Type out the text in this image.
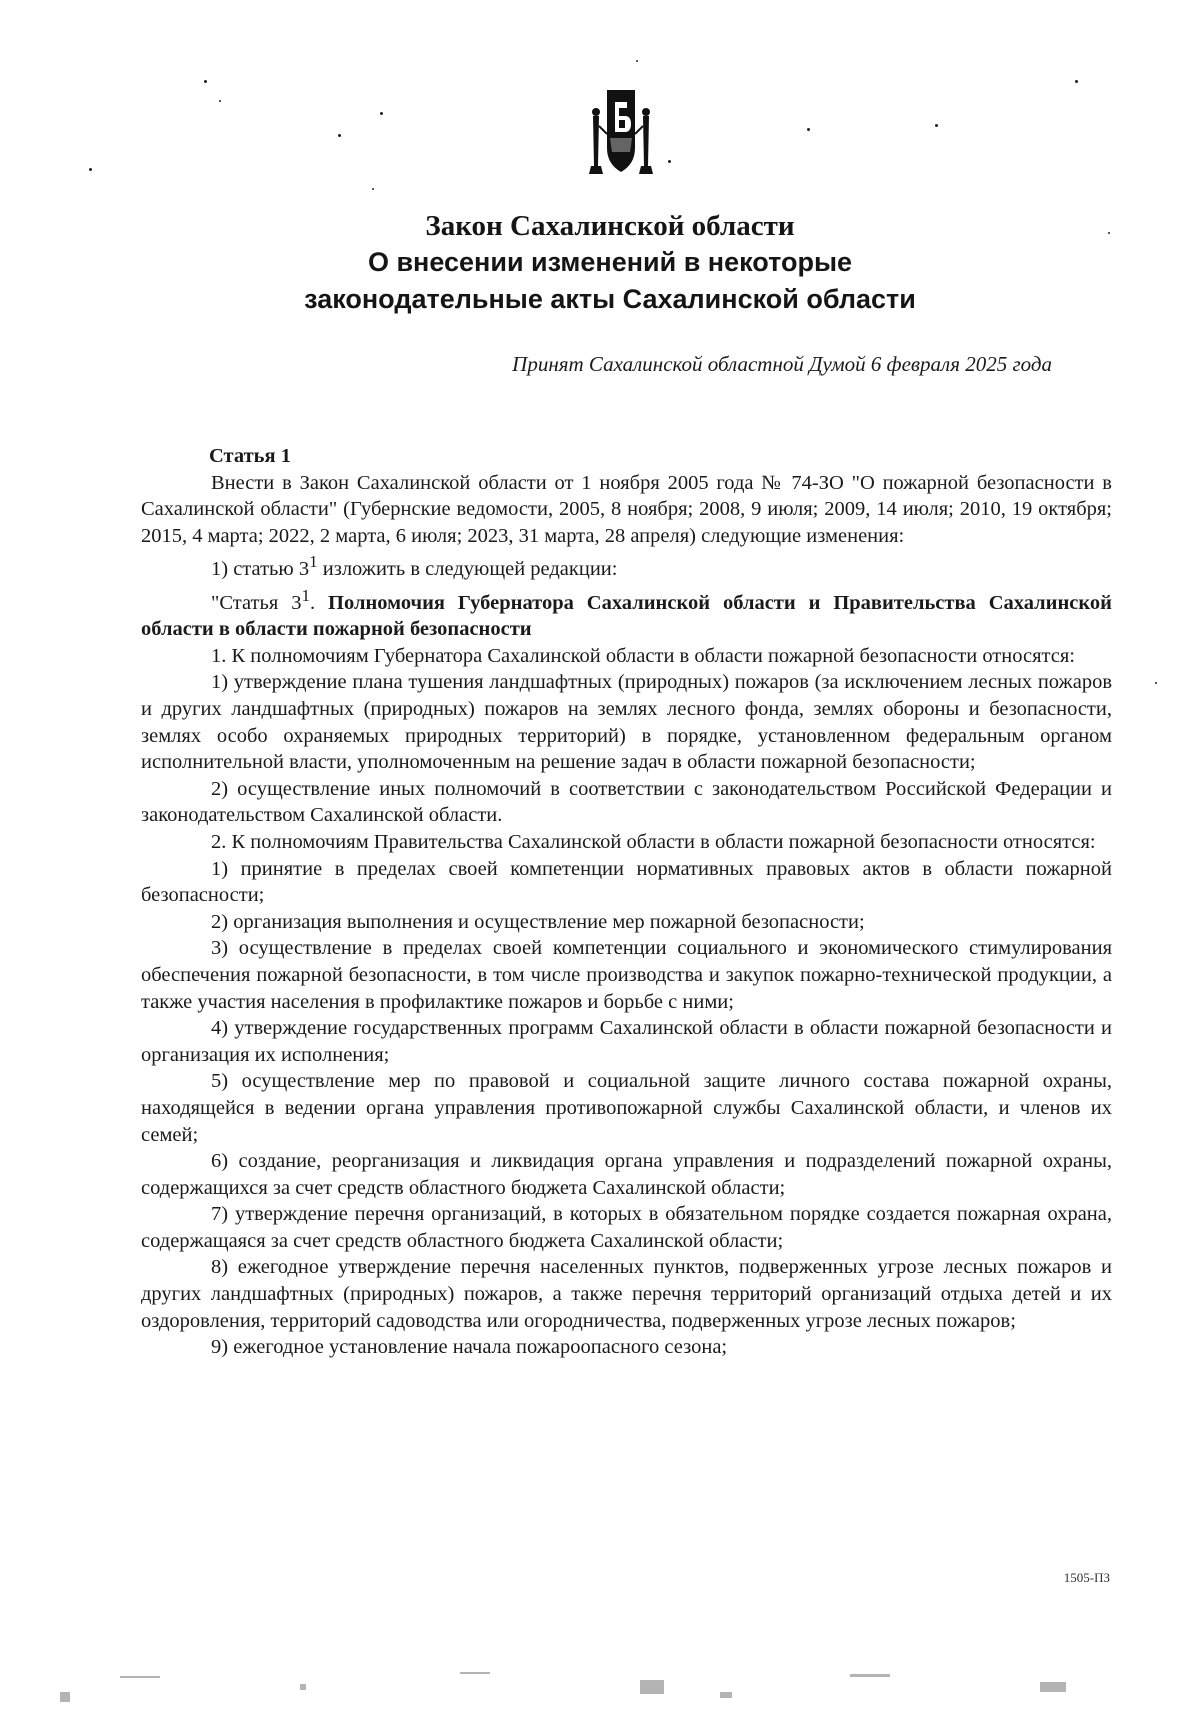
Закон Сахалинской области
О внесении изменений в некоторые
законодательные акты Сахалинской области
Принят Сахалинской областной Думой 6 февраля 2025 года

Статья 1

Внести в Закон Сахалинской области от 1 ноября 2005 года № 74-ЗО "О пожарной безопасности в Сахалинской области" (Губернские ведомости, 2005, 8 ноября; 2008, 9 июля; 2009, 14 июля; 2010, 19 октября; 2015, 4 марта; 2022, 2 марта, 6 июля; 2023, 31 марта, 28 апреля) следующие изменения:

1) статью $3^1$ изложить в следующей редакции:

"Статья $3^1$. Полномочия Губернатора Сахалинской области и Правительства Сахалинской области в области пожарной безопасности

1. К полномочиям Губернатора Сахалинской области в области пожарной безопасности относятся:

1) утверждение плана тушения ландшафтных (природных) пожаров (за исключением лесных пожаров и других ландшафтных (природных) пожаров на землях лесного фонда, землях обороны и безопасности, землях особо охраняемых природных территорий) в порядке, установленном федеральным органом исполнительной власти, уполномоченным на решение задач в области пожарной безопасности;

2) осуществление иных полномочий в соответствии с законодательством Российской Федерации и законодательством Сахалинской области.

2. К полномочиям Правительства Сахалинской области в области пожарной безопасности относятся:

1) принятие в пределах своей компетенции нормативных правовых актов в области пожарной безопасности;

2) организация выполнения и осуществление мер пожарной безопасности;

3) осуществление в пределах своей компетенции социального и экономического стимулирования обеспечения пожарной безопасности, в том числе производства и закупок пожарно-технической продукции, а также участия населения в профилактике пожаров и борьбе с ними;

4) утверждение государственных программ Сахалинской области в области пожарной безопасности и организация их исполнения;

5) осуществление мер по правовой и социальной защите личного состава пожарной охраны, находящейся в ведении органа управления противопожарной службы Сахалинской области, и членов их семей;

6) создание, реорганизация и ликвидация органа управления и подразделений пожарной охраны, содержащихся за счет средств областного бюджета Сахалинской области;

7) утверждение перечня организаций, в которых в обязательном порядке создается пожарная охрана, содержащаяся за счет средств областного бюджета Сахалинской области;

8) ежегодное утверждение перечня населенных пунктов, подверженных угрозе лесных пожаров и других ландшафтных (природных) пожаров, а также перечня территорий организаций отдыха детей и их оздоровления, территорий садоводства или огородничества, подверженных угрозе лесных пожаров;

9) ежегодное установление начала пожароопасного сезона;

1505-ПЗ
